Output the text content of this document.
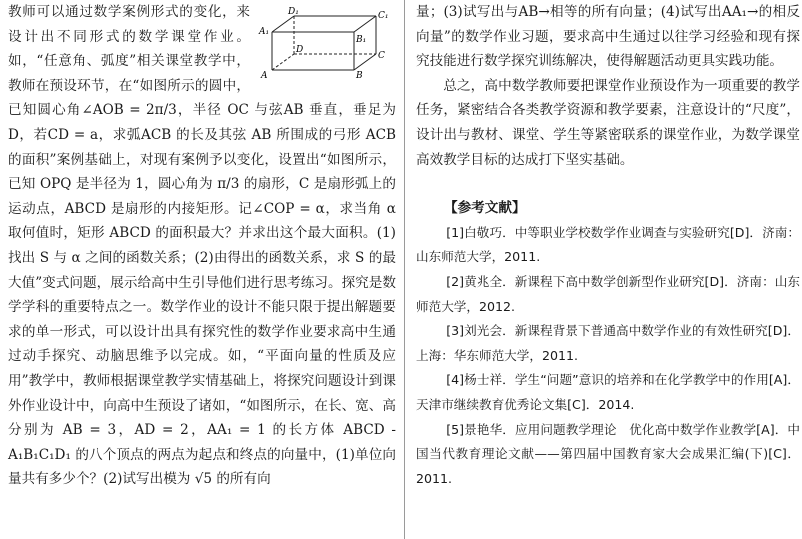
D₁	C₁
A₁
B₁
D
C
A	B
教师可以通过数学案例形式的变化，来设计出不同形式的数学课堂作业。如，“任意角、弧度”相关课堂教学中，教师在预设环节，在“如图所示的圆中，已知圆心角∠AOB = 2π/3，半径 OC 与弦AB 垂直，垂足为 D，若CD = a，求弧ACB 的长及其弦 AB 所围成的弓形 ACB 的面积”案例基础上，对现有案例予以变化，设置出“如图所示，已知 OPQ 是半径为 1，圆心角为 π/3 的扇形，C 是扇形弧上的运动点，ABCD 是扇形的内接矩形。记∠COP = α，求当角 α 取何值时，矩形 ABCD 的面积最大？并求出这个最大面积。(1)找出 S 与 α 之间的函数关系；(2)由得出的函数关系，求 S 的最大值”变式问题，展示给高中生引导他们进行思考练习。探究是数学学科的重要特点之一。数学作业的设计不能只限于提出解题要求的单一形式，可以设计出具有探究性的数学作业要求高中生通过动手探究、动脑思维予以完成。如，“平面向量的性质及应用”教学中，教师根据课堂教学实情基础上，将探究问题设计到课外作业设计中，向高中生预设了诸如，“如图所示，在长、宽、高分别为 AB = 3，AD = 2，AA₁ = 1 的长方体 ABCD - A₁B₁C₁D₁ 的八个顶点的两点为起点和终点的向量中，(1)单位向量共有多少个？(2)试写出模为 √5 的所有向

量；(3)试写出与AB→相等的所有向量；(4)试写出AA₁→的相反向量”的数学作业习题，要求高中生通过以往学习经验和现有探究技能进行数学探究训练解决，使得解题活动更具实践功能。

总之，高中数学教师要把课堂作业预设作为一项重要的教学任务，紧密结合各类教学资源和教学要素，注意设计的“尺度”，设计出与教材、课堂、学生等紧密联系的课堂作业，为数学课堂高效教学目标的达成打下坚实基础。

【参考文献】

[1]白敬巧．中等职业学校数学作业调查与实验研究[D]．济南：山东师范大学，2011.

[2]黄兆全．新课程下高中数学创新型作业研究[D]．济南：山东师范大学，2012.

[3]刘光会．新课程背景下普通高中数学作业的有效性研究[D]．上海：华东师范大学，2011.

[4]杨士祥．学生“问题”意识的培养和在化学教学中的作用[A]．天津市继续教育优秀论文集[C]．2014.

[5]景艳华．应用问题教学理论　优化高中数学作业教学[A]．中国当代教育理论文献——第四届中国教育家大会成果汇编(下)[C]．2011.
